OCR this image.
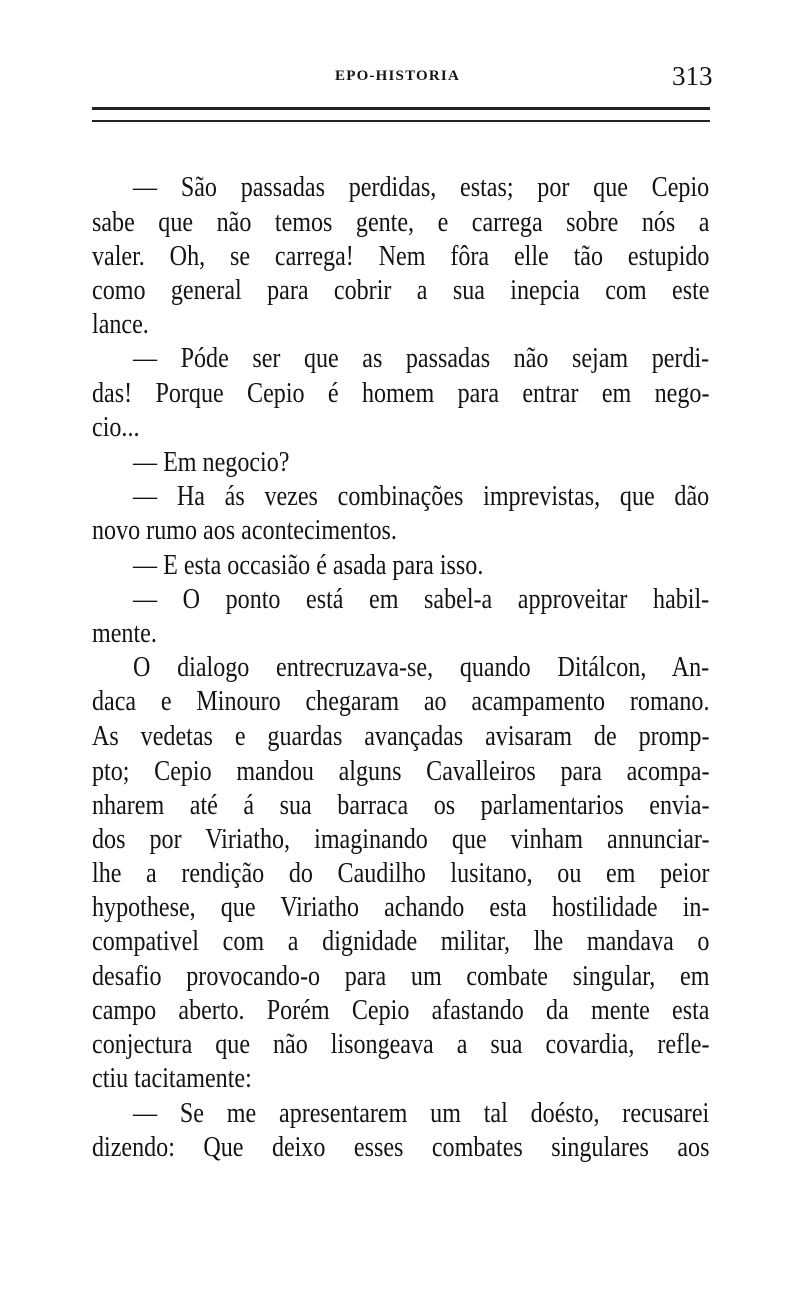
EPO-HISTORIA	313
— São passadas perdidas, estas; por que Cepio
sabe que não temos gente, e carrega sobre nós a
valer. Oh, se carrega! Nem fôra elle tão estupido
como general para cobrir a sua inepcia com este
lance.
— Póde ser que as passadas não sejam perdi-
das! Porque Cepio é homem para entrar em nego-
cio...
— Em negocio?
— Ha ás vezes combinações imprevistas, que dão
novo rumo aos acontecimentos.
— E esta occasião é asada para isso.
— O ponto está em sabel-a approveitar habil-
mente.
O dialogo entrecruzava-se, quando Ditálcon, An-
daca e Minouro chegaram ao acampamento romano.
As vedetas e guardas avançadas avisaram de promp-
pto; Cepio mandou alguns Cavalleiros para acompa-
nharem até á sua barraca os parlamentarios envia-
dos por Viriatho, imaginando que vinham annunciar-
lhe a rendição do Caudilho lusitano, ou em peior
hypothese, que Viriatho achando esta hostilidade in-
compativel com a dignidade militar, lhe mandava o
desafio provocando-o para um combate singular, em
campo aberto. Porém Cepio afastando da mente esta
conjectura que não lisongeava a sua covardia, refle-
ctiu tacitamente:
— Se me apresentarem um tal doésto, recusarei
dizendo: Que deixo esses combates singulares aos
